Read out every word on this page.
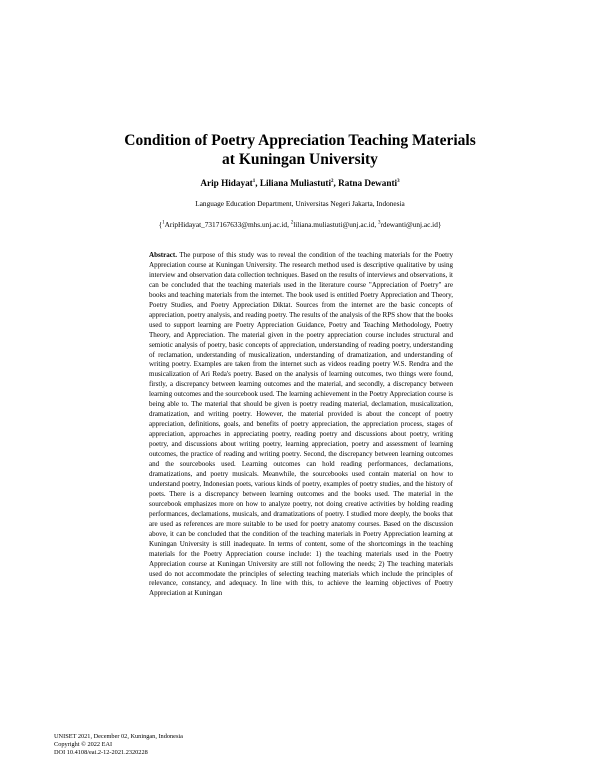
Condition of Poetry Appreciation Teaching Materials
at Kuningan University
Arip Hidayat$^1$, Liliana Muliastuti$^2$, Ratna Dewanti$^3$
Language Education Department, Universitas Negeri Jakarta, Indonesia
{$^1$AripHidayat_7317167633@mhs.unj.ac.id, $^2$liliana.muliastuti@unj.ac.id, $^3$rdewanti@unj.ac.id}

Abstract. The purpose of this study was to reveal the condition of the teaching materials for the Poetry Appreciation course at Kuningan University. The research method used is descriptive qualitative by using interview and observation data collection techniques. Based on the results of interviews and observations, it can be concluded that the teaching materials used in the literature course "Appreciation of Poetry" are books and teaching materials from the internet. The book used is entitled Poetry Appreciation and Theory, Poetry Studies, and Poetry Appreciation Diktat. Sources from the internet are the basic concepts of appreciation, poetry analysis, and reading poetry. The results of the analysis of the RPS show that the books used to support learning are Poetry Appreciation Guidance, Poetry and Teaching Methodology, Poetry Theory, and Appreciation. The material given in the poetry appreciation course includes structural and semiotic analysis of poetry, basic concepts of appreciation, understanding of reading poetry, understanding of reclamation, understanding of musicalization, understanding of dramatization, and understanding of writing poetry. Examples are taken from the internet such as videos reading poetry W.S. Rendra and the musicalization of Ari Reda's poetry. Based on the analysis of learning outcomes, two things were found, firstly, a discrepancy between learning outcomes and the material, and secondly, a discrepancy between learning outcomes and the sourcebook used. The learning achievement in the Poetry Appreciation course is being able to. The material that should be given is poetry reading material, declamation, musicalization, dramatization, and writing poetry. However, the material provided is about the concept of poetry appreciation, definitions, goals, and benefits of poetry appreciation, the appreciation process, stages of appreciation, approaches in appreciating poetry, reading poetry and discussions about poetry, writing poetry, and discussions about writing poetry, learning appreciation, poetry and assessment of learning outcomes, the practice of reading and writing poetry. Second, the discrepancy between learning outcomes and the sourcebooks used. Learning outcomes can hold reading performances, declamations, dramatizations, and poetry musicals. Meanwhile, the sourcebooks used contain material on how to understand poetry, Indonesian poets, various kinds of poetry, examples of poetry studies, and the history of poets. There is a discrepancy between learning outcomes and the books used. The material in the sourcebook emphasizes more on how to analyze poetry, not doing creative activities by holding reading performances, declamations, musicals, and dramatizations of poetry. I studied more deeply, the books that are used as references are more suitable to be used for poetry anatomy courses. Based on the discussion above, it can be concluded that the condition of the teaching materials in Poetry Appreciation learning at Kuningan University is still inadequate. In terms of content, some of the shortcomings in the teaching materials for the Poetry Appreciation course include: 1) the teaching materials used in the Poetry Appreciation course at Kuningan University are still not following the needs; 2) The teaching materials used do not accommodate the principles of selecting teaching materials which include the principles of relevance, constancy, and adequacy. In line with this, to achieve the learning objectives of Poetry Appreciation at Kuningan

UNISET 2021, December 02, Kuningan, Indonesia
Copyright © 2022 EAI
DOI 10.4108/eai.2-12-2021.2320228
